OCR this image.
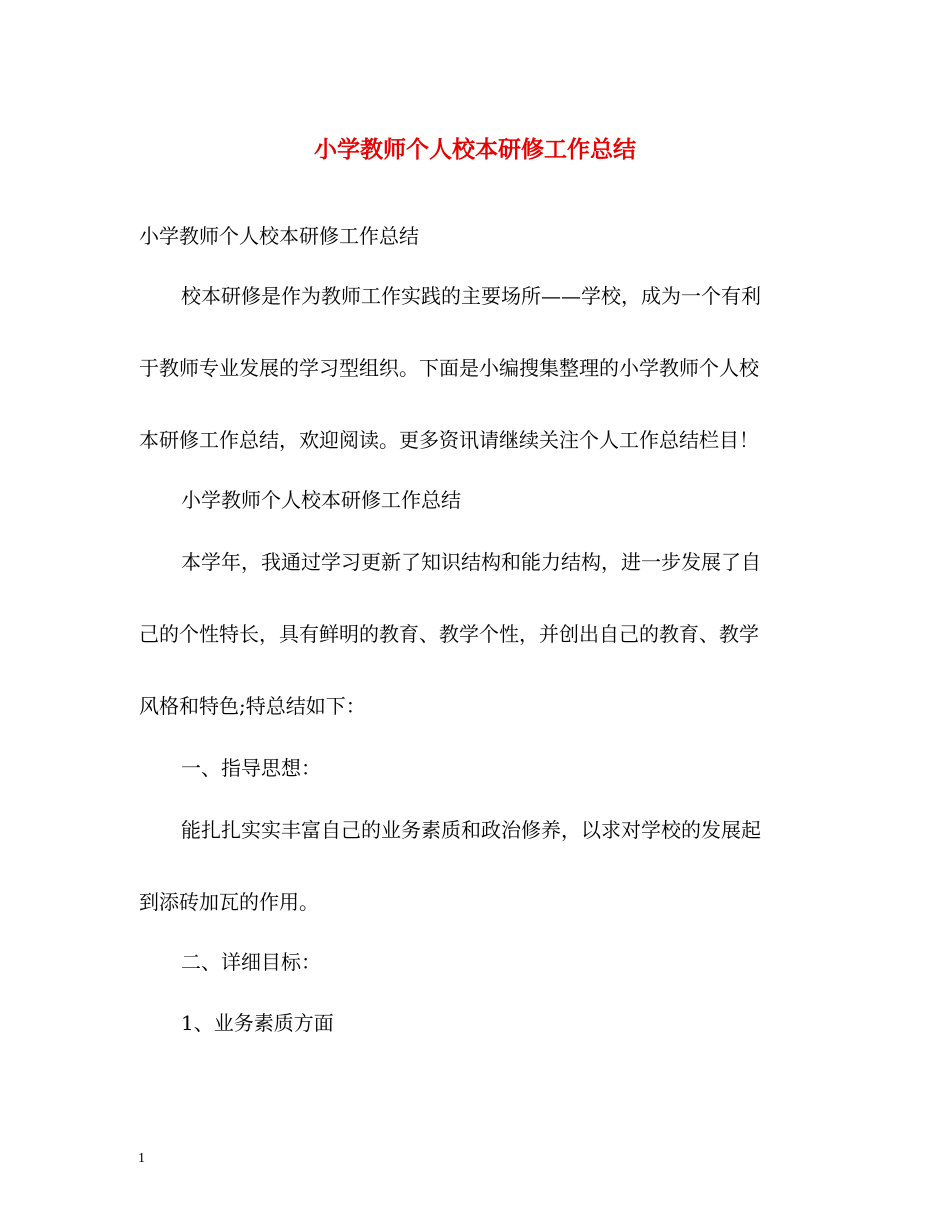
小学教师个人校本研修工作总结
小学教师个人校本研修工作总结
校本研修是作为教师工作实践的主要场所——学校，成为一个有利
于教师专业发展的学习型组织。下面是小编搜集整理的小学教师个人校
本研修工作总结，欢迎阅读。更多资讯请继续关注个人工作总结栏目！
小学教师个人校本研修工作总结
本学年，我通过学习更新了知识结构和能力结构，进一步发展了自
己的个性特长，具有鲜明的教育、教学个性，并创出自己的教育、教学
风格和特色;特总结如下：
一、指导思想：
能扎扎实实丰富自己的业务素质和政治修养，以求对学校的发展起
到添砖加瓦的作用。
二、详细目标：
1、业务素质方面
1
